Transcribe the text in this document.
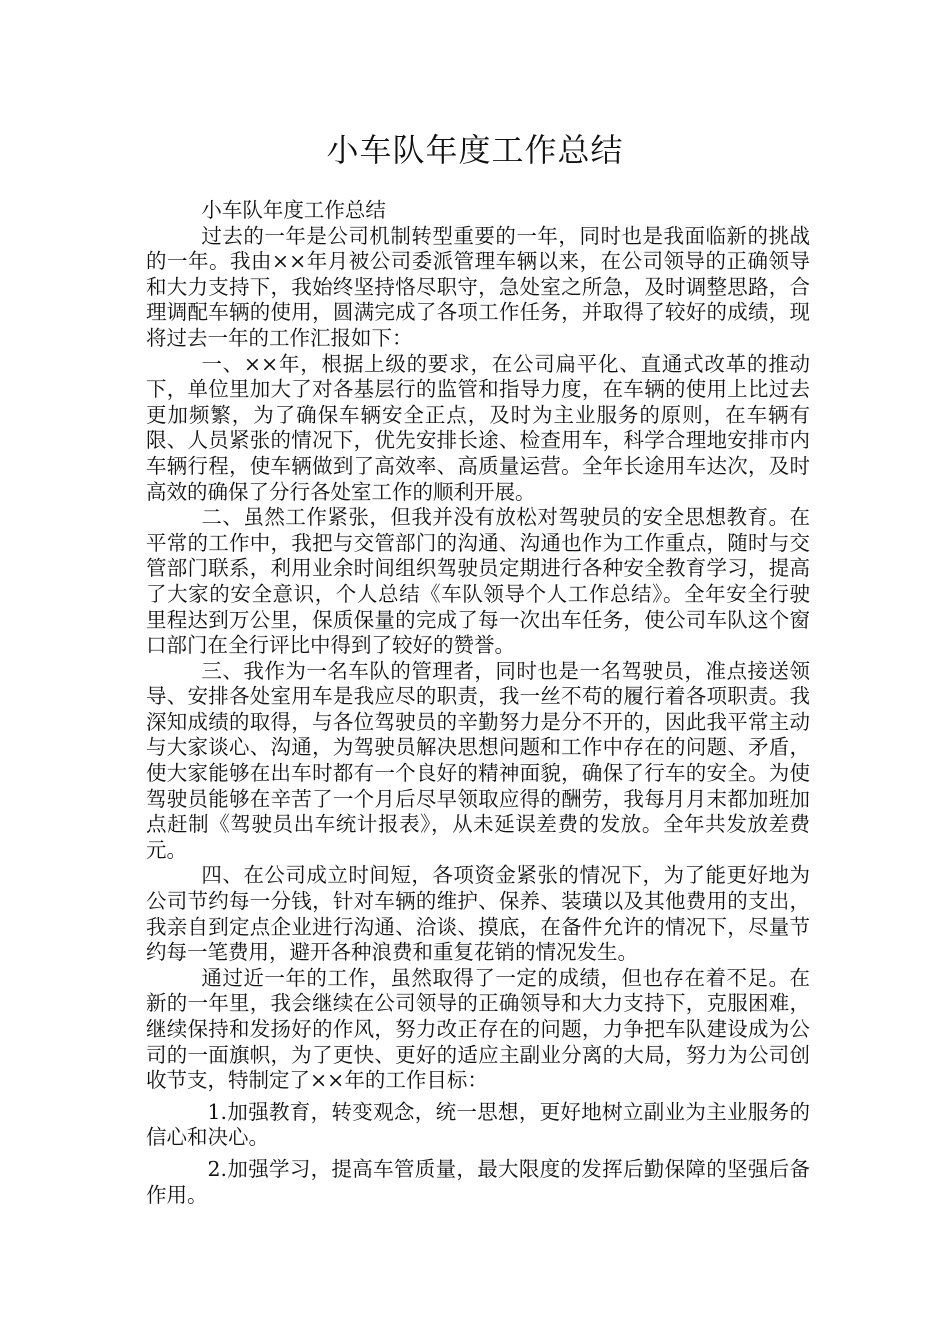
小车队年度工作总结

小车队年度工作总结

过去的一年是公司机制转型重要的一年，同时也是我面临新的挑战的一年。我由××年月被公司委派管理车辆以来，在公司领导的正确领导和大力支持下，我始终坚持恪尽职守，急处室之所急，及时调整思路，合理调配车辆的使用，圆满完成了各项工作任务，并取得了较好的成绩，现将过去一年的工作汇报如下：

一、××年，根据上级的要求，在公司扁平化、直通式改革的推动下，单位里加大了对各基层行的监管和指导力度，在车辆的使用上比过去更加频繁，为了确保车辆安全正点，及时为主业服务的原则，在车辆有限、人员紧张的情况下，优先安排长途、检查用车，科学合理地安排市内车辆行程，使车辆做到了高效率、高质量运营。全年长途用车达次，及时高效的确保了分行各处室工作的顺利开展。

二、虽然工作紧张，但我并没有放松对驾驶员的安全思想教育。在平常的工作中，我把与交管部门的沟通、沟通也作为工作重点，随时与交管部门联系，利用业余时间组织驾驶员定期进行各种安全教育学习，提高了大家的安全意识，个人总结《车队领导个人工作总结》。全年安全行驶里程达到万公里，保质保量的完成了每一次出车任务，使公司车队这个窗口部门在全行评比中得到了较好的赞誉。

三、我作为一名车队的管理者，同时也是一名驾驶员，准点接送领导、安排各处室用车是我应尽的职责，我一丝不苟的履行着各项职责。我深知成绩的取得，与各位驾驶员的辛勤努力是分不开的，因此我平常主动与大家谈心、沟通，为驾驶员解决思想问题和工作中存在的问题、矛盾，使大家能够在出车时都有一个良好的精神面貌，确保了行车的安全。为使驾驶员能够在辛苦了一个月后尽早领取应得的酬劳，我每月月末都加班加点赶制《驾驶员出车统计报表》，从未延误差费的发放。全年共发放差费元。

四、在公司成立时间短，各项资金紧张的情况下，为了能更好地为公司节约每一分钱，针对车辆的维护、保养、装璜以及其他费用的支出，我亲自到定点企业进行沟通、洽谈、摸底，在备件允许的情况下，尽量节约每一笔费用，避开各种浪费和重复花销的情况发生。

通过近一年的工作，虽然取得了一定的成绩，但也存在着不足。在新的一年里，我会继续在公司领导的正确领导和大力支持下，克服困难，继续保持和发扬好的作风，努力改正存在的问题，力争把车队建设成为公司的一面旗帜，为了更快、更好的适应主副业分离的大局，努力为公司创收节支，特制定了××年的工作目标：

1.加强教育，转变观念，统一思想，更好地树立副业为主业服务的信心和决心。

2.加强学习，提高车管质量，最大限度的发挥后勤保障的坚强后备作用。
